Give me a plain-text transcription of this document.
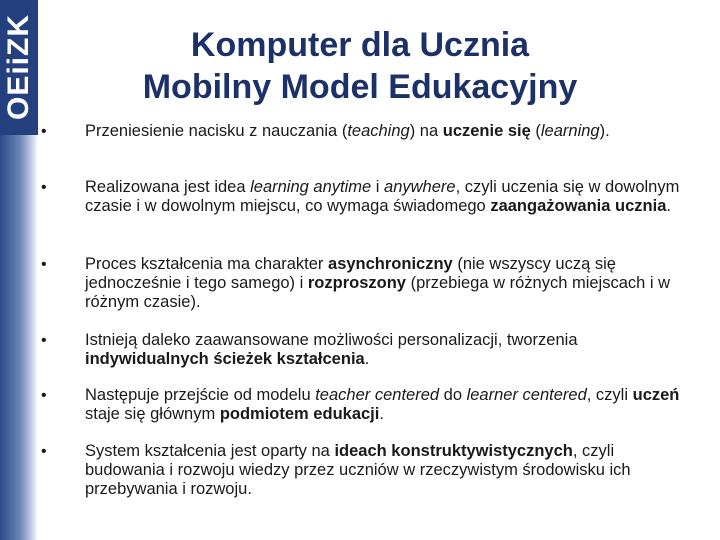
OEiiZK	Komputer dla Ucznia
Mobilny Model Edukacyjny
• Przeniesienie nacisku z nauczania (teaching) na uczenie się (learning).
• Realizowana jest idea learning anytime i anywhere, czyli uczenia się w dowolnym czasie i w dowolnym miejscu, co wymaga świadomego zaangażowania ucznia.
• Proces kształcenia ma charakter asynchroniczny (nie wszyscy uczą się jednocześnie i tego samego) i rozproszony (przebiega w różnych miejscach i w różnym czasie).
• Istnieją daleko zaawansowane możliwości personalizacji, tworzenia indywidualnych ścieżek kształcenia.
• Następuje przejście od modelu teacher centered do learner centered, czyli uczeń staje się głównym podmiotem edukacji.
• System kształcenia jest oparty na ideach konstruktywistycznych, czyli budowania i rozwoju wiedzy przez uczniów w rzeczywistym środowisku ich przebywania i rozwoju.
